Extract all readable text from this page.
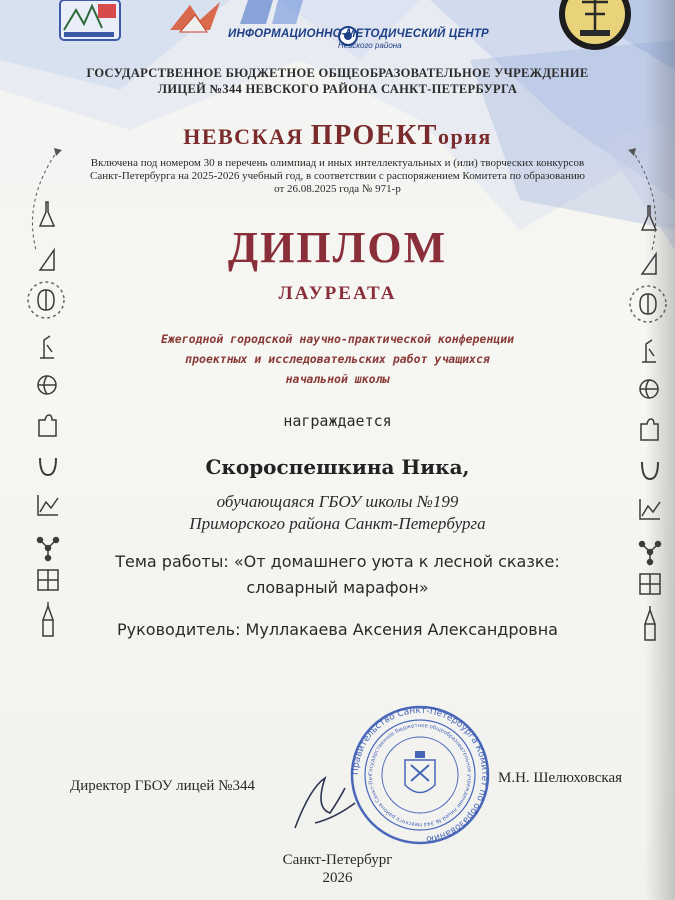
ИНФОРМАЦИОННО-МЕТОДИЧЕСКИЙ ЦЕНТР
Невского района
ГОСУДАРСТВЕННОЕ БЮДЖЕТНОЕ ОБЩЕОБРАЗОВАТЕЛЬНОЕ УЧРЕЖДЕНИЕ
ЛИЦЕЙ №344 НЕВСКОГО РАЙОНА САНКТ-ПЕТЕРБУРГА
НЕВСКАЯ ПРОЕКТория
Включена под номером 30 в перечень олимпиад и иных интеллектуальных и (или) творческих конкурсов
Санкт-Петербурга на 2025-2026 учебный год, в соответствии с распоряжением Комитета по образованию
от 26.08.2025 года № 971-р
ДИПЛОМ
ЛАУРЕАТА
Ежегодной городской научно-практической конференции
проектных и исследовательских работ учащихся
начальной школы
награждается
Скороспешкина Ника,
обучающаяся ГБОУ школы №199
Приморского района Санкт-Петербурга
Тема работы: «От домашнего уюта к лесной сказке:
словарный марафон»
Руководитель: Муллакаева Аксения Александровна
Директор ГБОУ лицей №344
Правительство Санкт-Петербурга Комитет по образованию
Государственное бюджетное общеобразовательное учреждение лицей № 344 Невского района Санкт-Пет	М.Н. Шелюховская
Санкт-Петербург
2026
